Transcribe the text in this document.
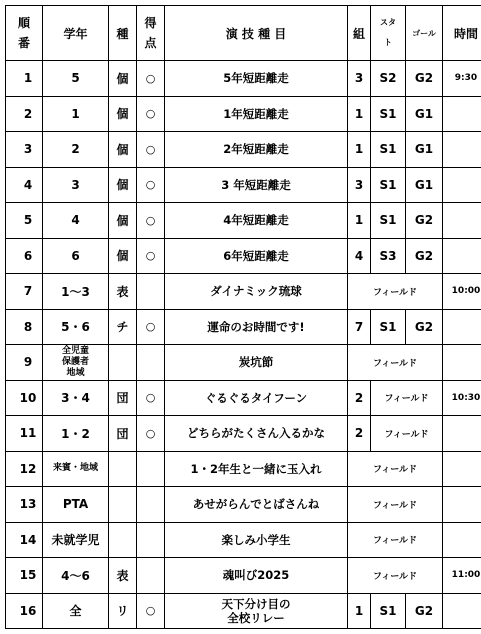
順
番	学年	種	得
点	演 技 種 目	組	スタ
ト	ゴール	時間
1	5	個	○	5年短距離走	3	S2	G2	9:30
2	1	個	○	1年短距離走	1	S1	G1	
3	2	個	○	2年短距離走	1	S1	G1	
4	3	個	○	3 年短距離走	3	S1	G1	
5	4	個	○	4年短距離走	1	S1	G2	
6	6	個	○	6年短距離走	4	S3	G2	
7	1～3	表		ダイナミック琉球	フィールド			10:00
8	5・6	チ	○	運命のお時間です!	7	S1	G2	
9	全児童
保護者
地域			炭坑節	フィールド			
10	3・4	団	○	ぐるぐるタイフーン	2	フィールド		10:30
11	1・2	団	○	どちらがたくさん入るかな	2	フィールド		
12	来賓・地域			1・2年生と一緒に玉入れ	フィールド			
13	PTA			あせがらんでとばさんね	フィールド			
14	未就学児			楽しみ小学生	フィールド			
15	4～6	表		魂叫び2025	フィールド			11:00
16	全	リ	○	天下分け目の
全校リレー	1	S1	G2	
